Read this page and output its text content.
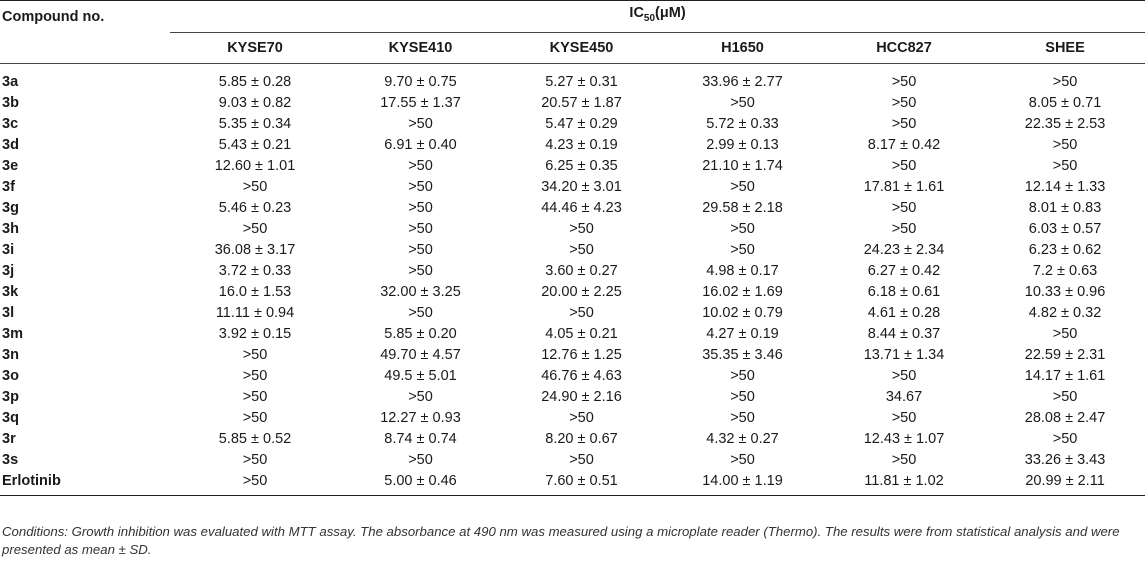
Compound no.	$IC_{50}(\mu M)$					
	KYSE70	KYSE410	KYSE450	H1650	HCC827	SHEE
3a	5.85 ± 0.28	9.70 ± 0.75	5.27 ± 0.31	33.96 ± 2.77	>50	>50
3b	9.03 ± 0.82	17.55 ± 1.37	20.57 ± 1.87	>50	>50	8.05 ± 0.71
3c	5.35 ± 0.34	>50	5.47 ± 0.29	5.72 ± 0.33	>50	22.35 ± 2.53
3d	5.43 ± 0.21	6.91 ± 0.40	4.23 ± 0.19	2.99 ± 0.13	8.17 ± 0.42	>50
3e	12.60 ± 1.01	>50	6.25 ± 0.35	21.10 ± 1.74	>50	>50
3f	>50	>50	34.20 ± 3.01	>50	17.81 ± 1.61	12.14 ± 1.33
3g	5.46 ± 0.23	>50	44.46 ± 4.23	29.58 ± 2.18	>50	8.01 ± 0.83
3h	>50	>50	>50	>50	>50	6.03 ± 0.57
3i	36.08 ± 3.17	>50	>50	>50	24.23 ± 2.34	6.23 ± 0.62
3j	3.72 ± 0.33	>50	3.60 ± 0.27	4.98 ± 0.17	6.27 ± 0.42	7.2 ± 0.63
3k	16.0 ± 1.53	32.00 ± 3.25	20.00 ± 2.25	16.02 ± 1.69	6.18 ± 0.61	10.33 ± 0.96
3l	11.11 ± 0.94	>50	>50	10.02 ± 0.79	4.61 ± 0.28	4.82 ± 0.32
3m	3.92 ± 0.15	5.85 ± 0.20	4.05 ± 0.21	4.27 ± 0.19	8.44 ± 0.37	>50
3n	>50	49.70 ± 4.57	12.76 ± 1.25	35.35 ± 3.46	13.71 ± 1.34	22.59 ± 2.31
3o	>50	49.5 ± 5.01	46.76 ± 4.63	>50	>50	14.17 ± 1.61
3p	>50	>50	24.90 ± 2.16	>50	34.67	>50
3q	>50	12.27 ± 0.93	>50	>50	>50	28.08 ± 2.47
3r	5.85 ± 0.52	8.74 ± 0.74	8.20 ± 0.67	4.32 ± 0.27	12.43 ± 1.07	>50
3s	>50	>50	>50	>50	>50	33.26 ± 3.43
Erlotinib	>50	5.00 ± 0.46	7.60 ± 0.51	14.00 ± 1.19	11.81 ± 1.02	20.99 ± 2.11
Conditions: Growth inhibition was evaluated with MTT assay. The absorbance at 490 nm was measured using a microplate reader (Thermo). The results were from statistical analysis and were presented as mean ± SD.
